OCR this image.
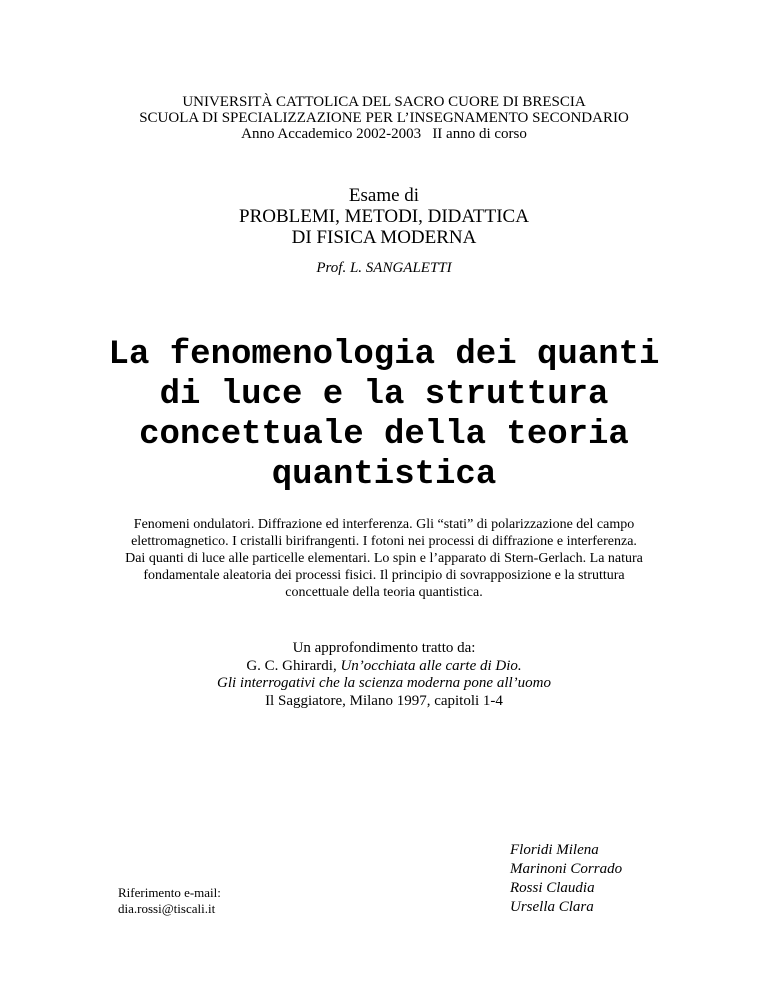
UNIVERSITÀ CATTOLICA DEL SACRO CUORE DI BRESCIA
SCUOLA DI SPECIALIZZAZIONE PER L’INSEGNAMENTO SECONDARIO
Anno Accademico 2002-2003   II anno di corso
Esame di
PROBLEMI, METODI, DIDATTICA
DI FISICA MODERNA
Prof. L. SANGALETTI
La fenomenologia dei quanti
di luce e la struttura
concettuale della teoria
quantistica
Fenomeni ondulatori. Diffrazione ed interferenza. Gli “stati” di polarizzazione del campo
elettromagnetico. I cristalli birifrangenti. I fotoni nei processi di diffrazione e interferenza.
Dai quanti di luce alle particelle elementari. Lo spin e l’apparato di Stern-Gerlach. La natura
fondamentale aleatoria dei processi fisici. Il principio di sovrapposizione e la struttura
concettuale della teoria quantistica.
Un approfondimento tratto da:
G. C. Ghirardi, Un’occhiata alle carte di Dio.
Gli interrogativi che la scienza moderna pone all’uomo
Il Saggiatore, Milano 1997, capitoli 1-4
Riferimento e-mail:
dia.rossi@tiscali.it
Floridi Milena
Marinoni Corrado
Rossi Claudia
Ursella Clara
